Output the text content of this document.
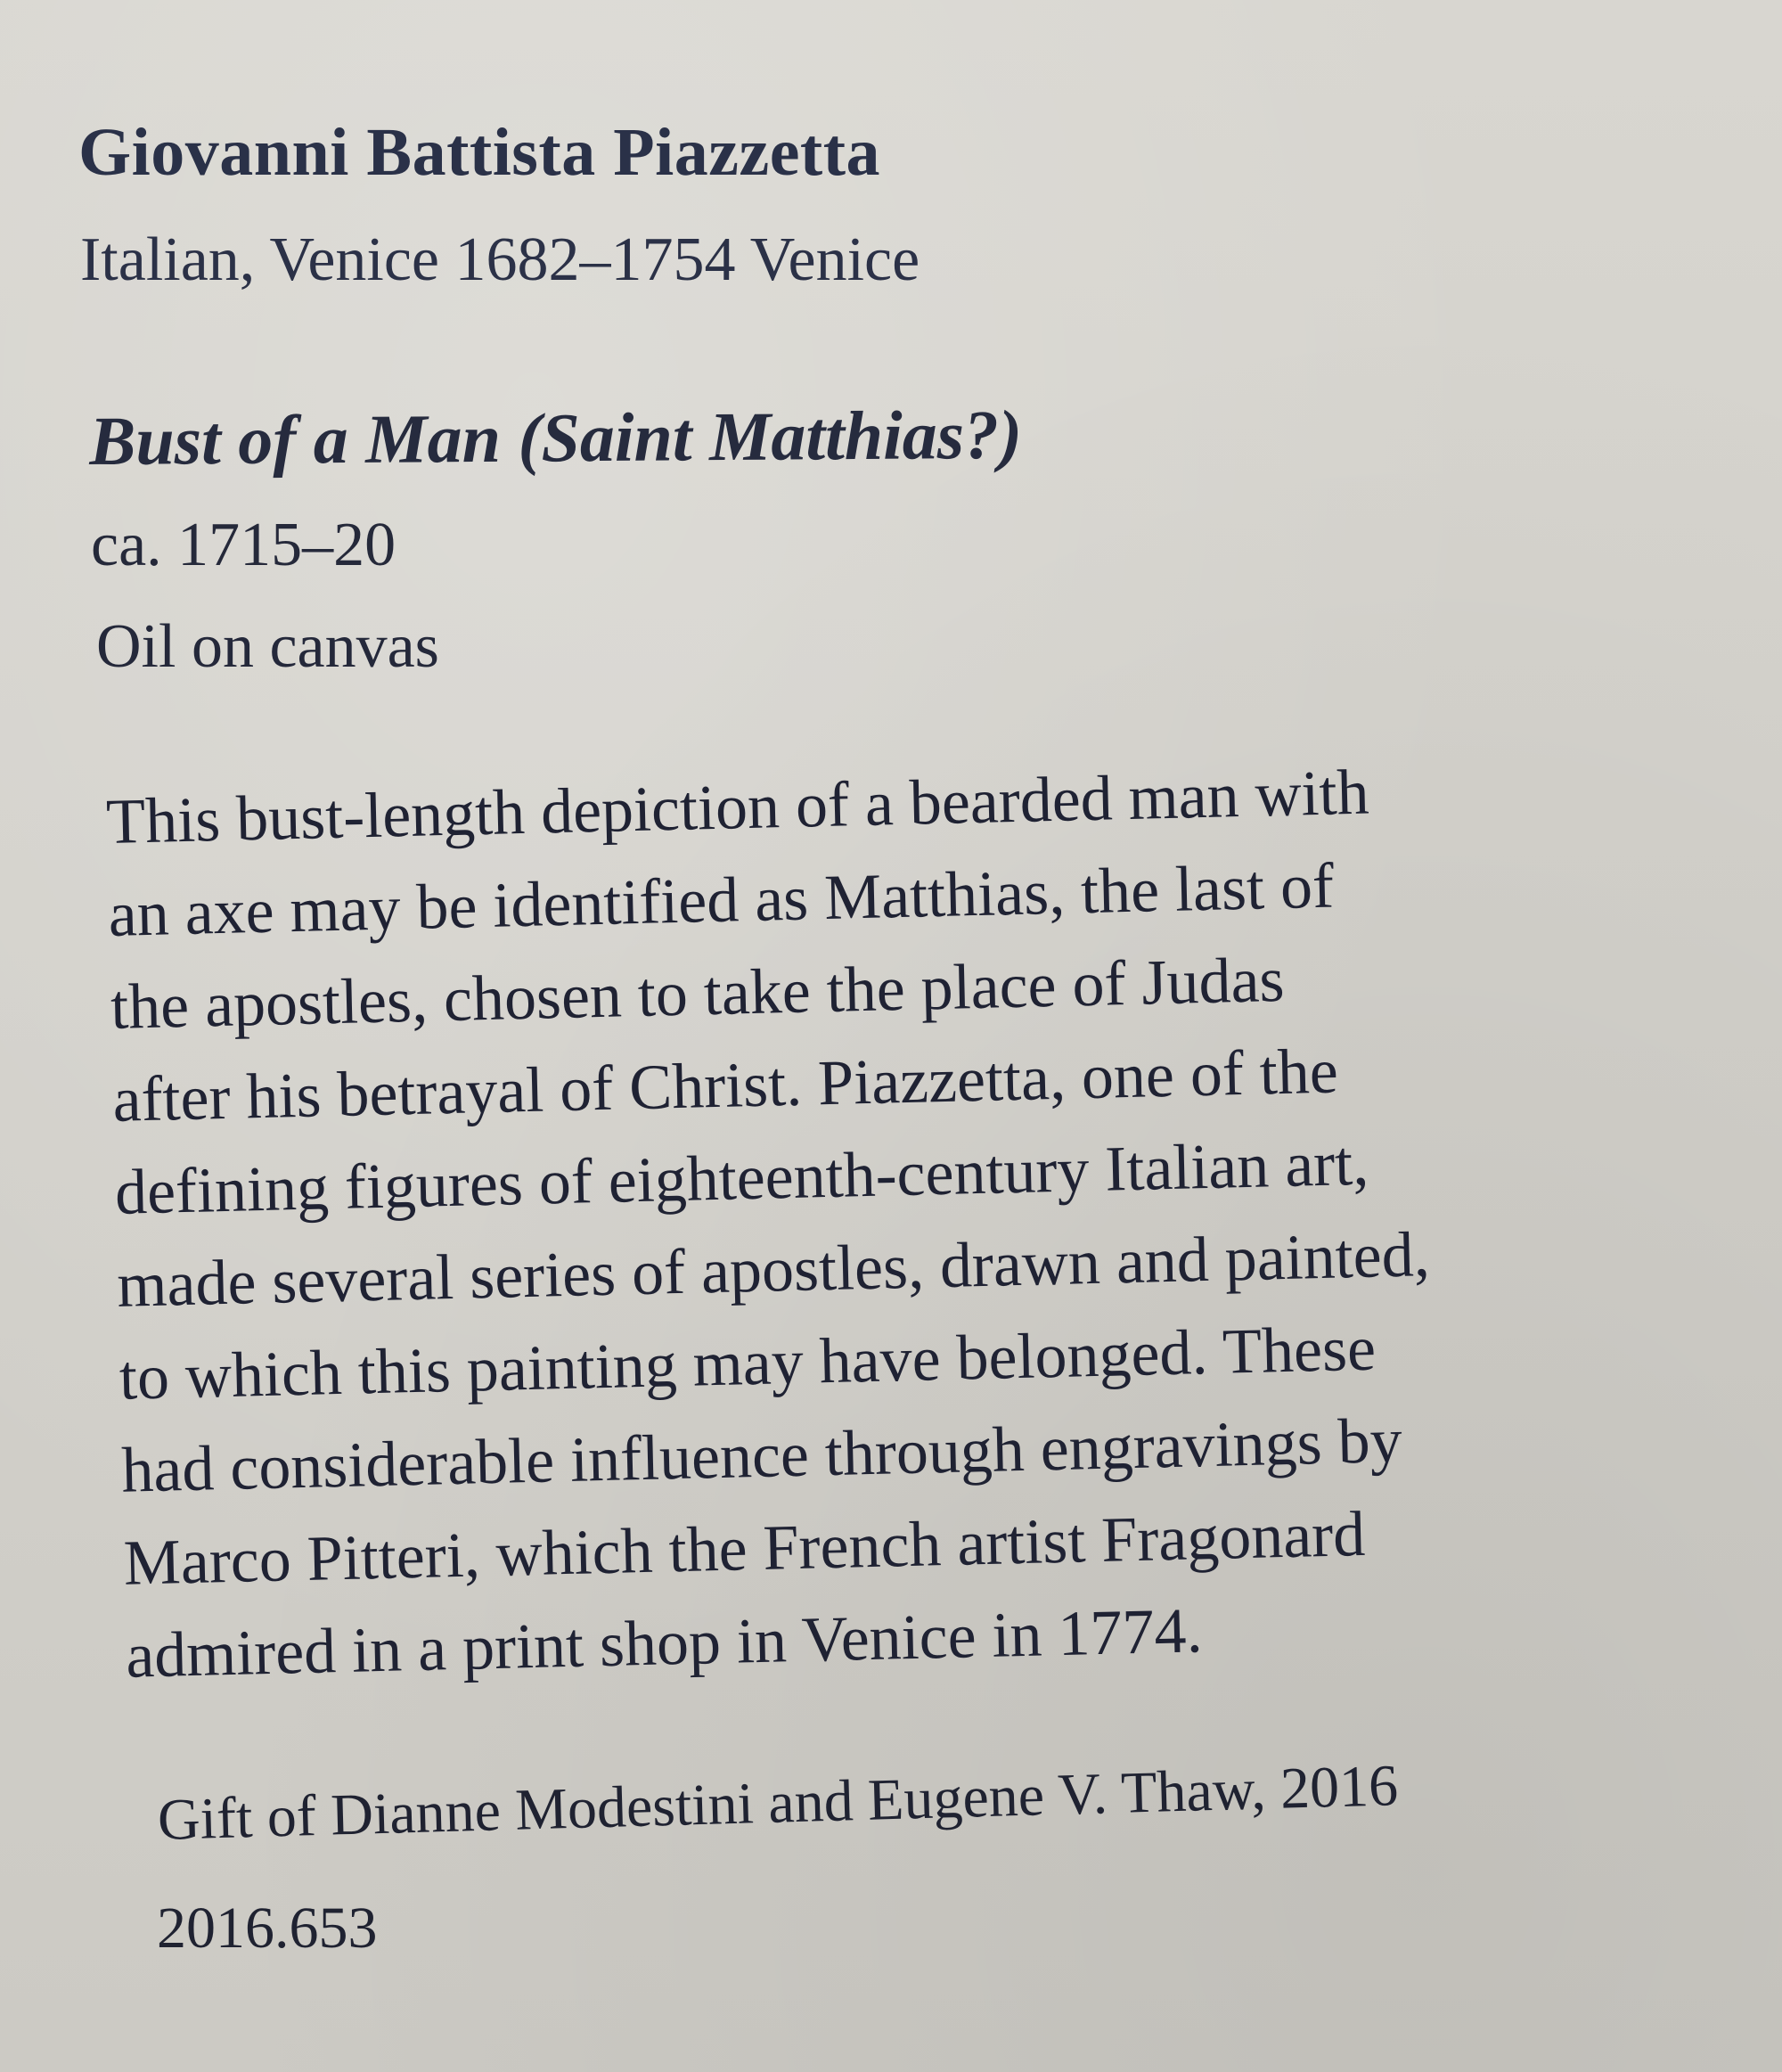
Giovanni Battista Piazzetta

Italian, Venice 1682–1754 Venice

Bust of a Man (Saint Matthias?)

ca. 1715–20

Oil on canvas

This bust-length depiction of a bearded man with
an axe may be identified as Matthias, the last of
the apostles, chosen to take the place of Judas
after his betrayal of Christ. Piazzetta, one of the
defining figures of eighteenth-century Italian art,
made several series of apostles, drawn and painted,
to which this painting may have belonged. These
had considerable influence through engravings by
Marco Pitteri, which the French artist Fragonard
admired in a print shop in Venice in 1774.

Gift of Dianne Modestini and Eugene V. Thaw, 2016

2016.653
